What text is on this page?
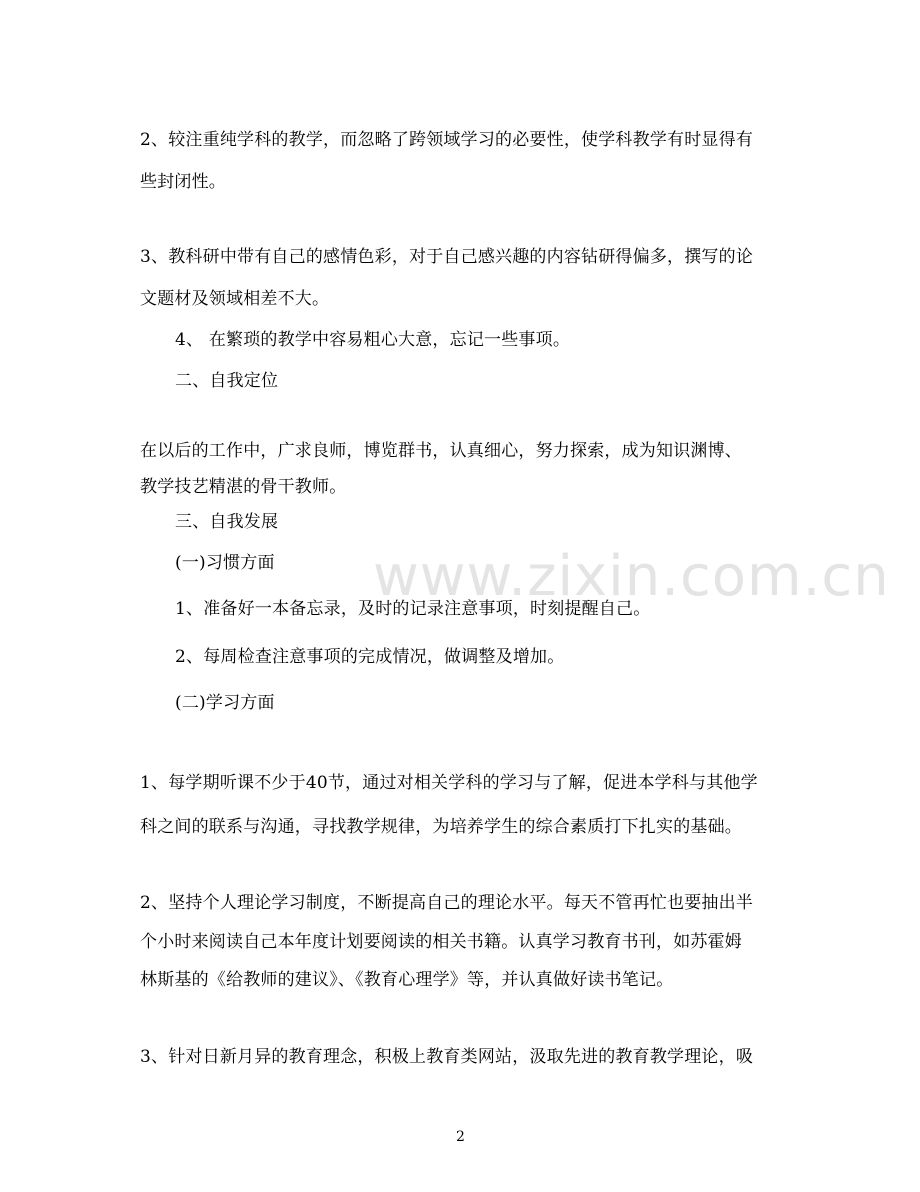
www.zixin.com.cn
2、较注重纯学科的教学，而忽略了跨领域学习的必要性，使学科教学有时显得有
些封闭性。
3、教科研中带有自己的感情色彩，对于自己感兴趣的内容钻研得偏多，撰写的论
文题材及领域相差不大。
4、 在繁琐的教学中容易粗心大意，忘记一些事项。
二、自我定位
在以后的工作中，广求良师，博览群书，认真细心，努力探索，成为知识渊博、
教学技艺精湛的骨干教师。
三、自我发展
(一)习惯方面
1、准备好一本备忘录，及时的记录注意事项，时刻提醒自己。
2、每周检查注意事项的完成情况，做调整及增加。
(二)学习方面
1、每学期听课不少于40节，通过对相关学科的学习与了解，促进本学科与其他学
科之间的联系与沟通，寻找教学规律，为培养学生的综合素质打下扎实的基础。
2、坚持个人理论学习制度，不断提高自己的理论水平。每天不管再忙也要抽出半
个小时来阅读自己本年度计划要阅读的相关书籍。认真学习教育书刊，如苏霍姆
林斯基的《给教师的建议》、《教育心理学》等，并认真做好读书笔记。
3、针对日新月异的教育理念，积极上教育类网站，汲取先进的教育教学理论，吸
2
